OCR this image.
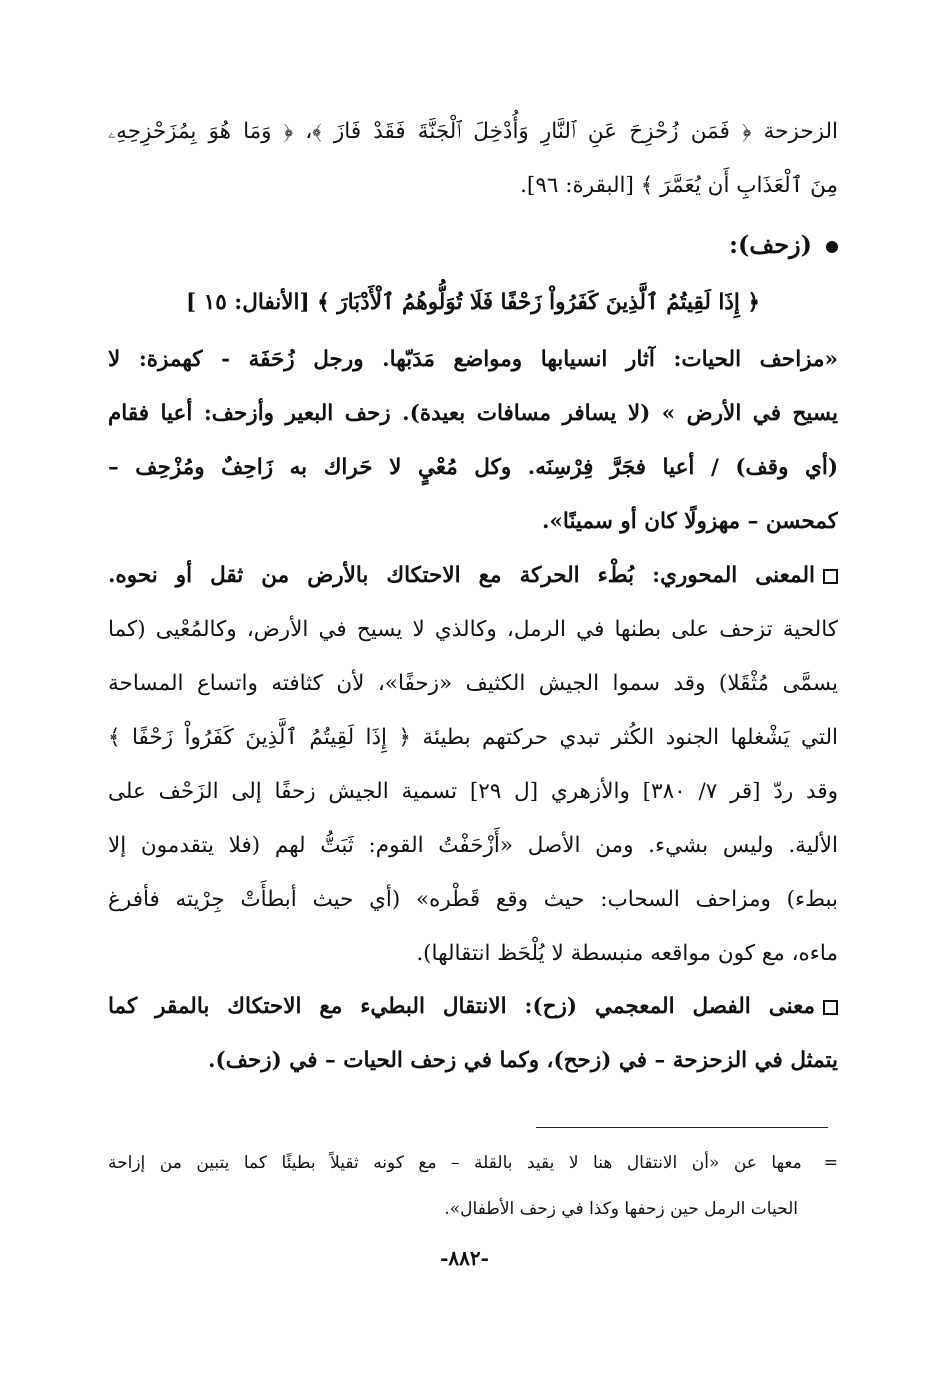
الزحزحة ﴿ فَمَن زُحْزِحَ عَنِ ٱلنَّارِ وَأُدْخِلَ ٱلْجَنَّةَ فَقَدْ فَازَ ﴾، ﴿ وَمَا هُوَ بِمُزَحْزِحِهِۦ
مِنَ ٱلْعَذَابِ أَن يُعَمَّرَ ﴾ [البقرة: ٩٦].
(زحف):
﴿ إِذَا لَقِيتُمُ ٱلَّذِينَ كَفَرُواْ زَحْفًا فَلَا تُوَلُّوهُمُ ٱلْأَدْبَارَ ﴾ [الأنفال: ١٥ ]
«مزاحف الحيات: آثار انسيابها ومواضع مَدَبّها. ورجل زُحَفَة - كهمزة: لا
يسيح في الأرض » (لا يسافر مسافات بعيدة). زحف البعير وأزحف: أعيا فقام
(أي وقف) / أعيا فجَرَّ فِرْسِنَه. وكل مُعْيٍ لا حَراك به زَاحِفٌ ومُزْحِف –
كمحسن – مهزولًا كان أو سمينًا».
المعنى المحوري: بُطْء الحركة مع الاحتكاك بالأرض من ثقل أو نحوه.
كالحية تزحف على بطنها في الرمل، وكالذي لا يسيح في الأرض، وكالمُعْيى (كما
يسمَّى مُثْقَلا) وقد سموا الجيش الكثيف «زحفًا»، لأن كثافته واتساع المساحة
التي يَشْغلها الجنود الكُثر تبدي حركتهم بطيئة ﴿ إِذَا لَقِيتُمُ ٱلَّذِينَ كَفَرُواْ زَحْفًا ﴾
وقد ردّ [قر ٧/ ٣٨٠] والأزهري [ل ٢٩] تسمية الجيش زحفًا إلى الزَحْف على
الألية. وليس بشيء. ومن الأصل «أَزْحَفْتُ القوم: ثَبَتُّ لهم (فلا يتقدمون إلا
ببطء) ومزاحف السحاب: حيث وقع قَطْره» (أي حيث أبطأَتْ جِرْيته فأفرغ
ماءه، مع كون مواقعه منبسطة لا يُلْحَظ انتقالها).
معنى الفصل المعجمي (زح): الانتقال البطيء مع الاحتكاك بالمقر كما
يتمثل في الزحزحة – في (زحح)، وكما في زحف الحيات – في (زحف).
=معها عن «أن الانتقال هنا لا يقيد بالقلة – مع كونه ثقيلاً بطيئًا كما يتبين من إزاحة
الحيات الرمل حين زحفها وكذا في زحف الأطفال».
-٨٨٢-
